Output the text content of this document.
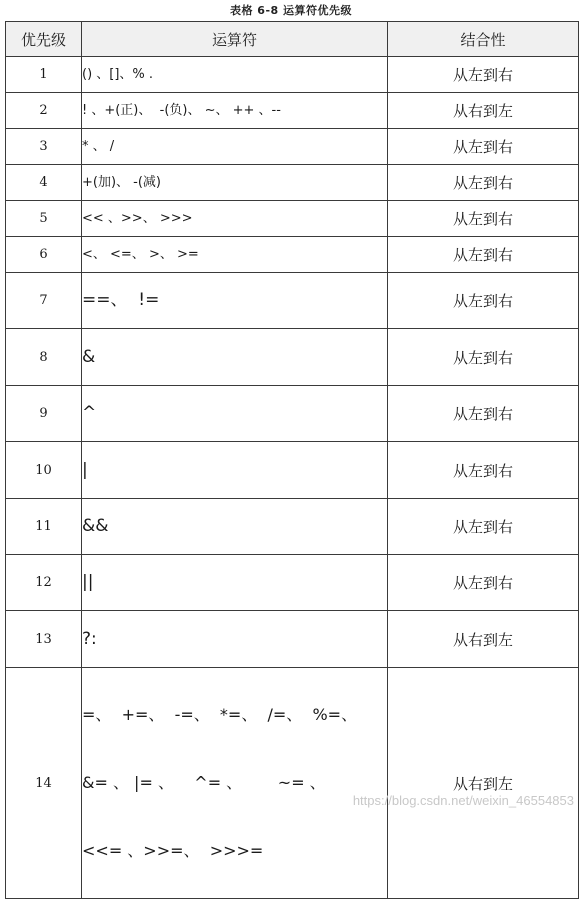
表格 6-8 运算符优先级
优先级	运算符	结合性
1	() 、[]、% .	从左到右
2	! 、+(正)、  -(负)、 ~、 ++ 、--	从右到左
3	* 、 /	从左到右
4	+(加)、 -(减)	从左到右
5	<< 、>>、 >>>	从左到右
6	<、 <=、 >、 >=	从左到右
7	==、  !=	从左到右
8	&	从左到右
9	^	从左到右
10	|	从左到右
11	&&	从左到右
12	||	从左到右
13	?:	从右到左
14	=、  +=、  -=、  *=、  /=、  %=、

&= 、 |= 、    ^= 、       ~= 、

<<= 、>>=、  >>>=	从右到左
https://blog.csdn.net/weixin_46554853
